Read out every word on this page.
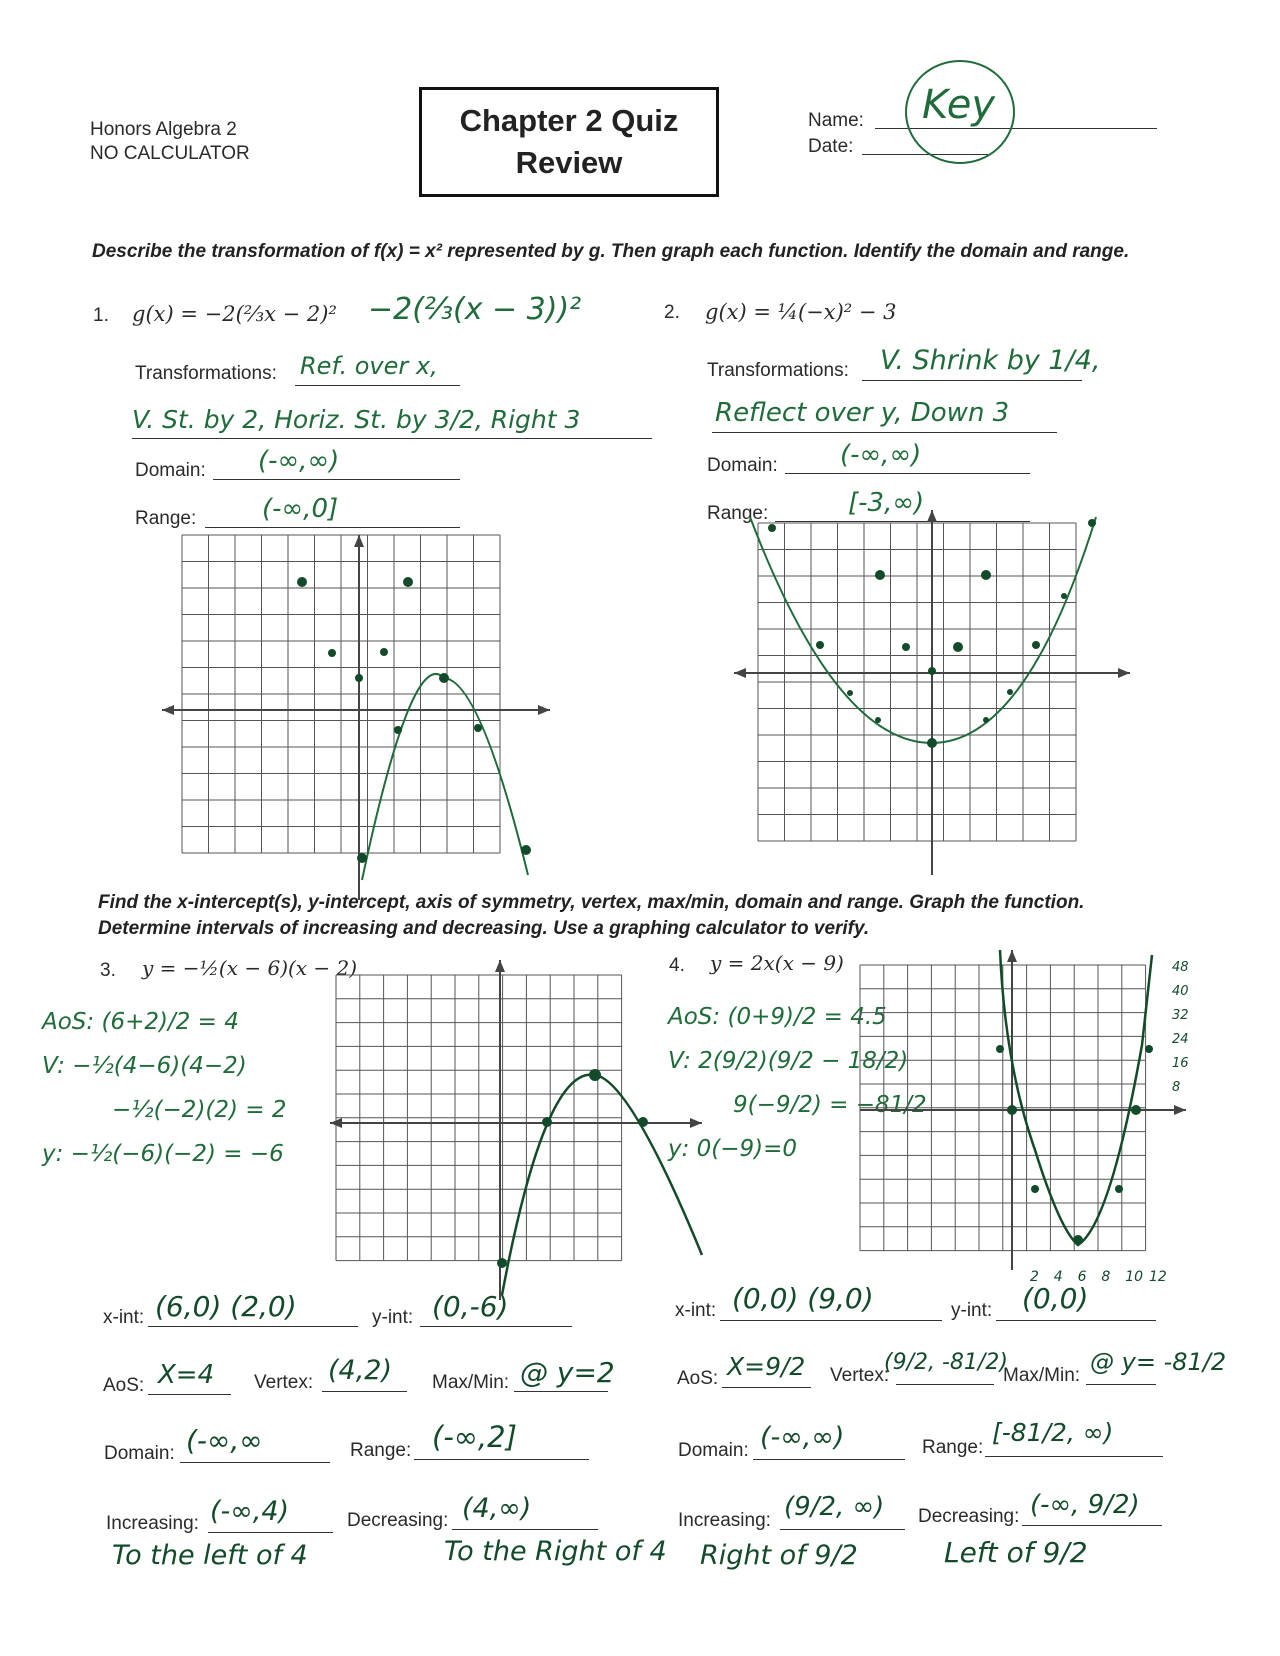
Honors Algebra 2
NO CALCULATOR
Chapter 2 Quiz
Review
Name:
Date:
Key
Describe the transformation of f(x) = x² represented by g. Then graph each function. Identify the domain and range.
1. g(x) = −2(⅔x − 2)² −2(⅔(x − 3))²
Transformations: Ref. over x,
V. St. by 2, Horiz. St. by 3/2, Right 3
Domain: (-∞,∞)
Range:	(-∞,0]
2. g(x) = ¼(−x)² − 3
Transformations: V. Shrink by 1/4,
Reflect over y, Down 3
Domain: (-∞,∞)
Range:	[-3,∞)
Find the x-intercept(s), y-intercept, axis of symmetry, vertex, max/min, domain and range. Graph the function. Determine intervals of increasing and decreasing. Use a graphing calculator to verify.
3. y = −½(x − 6)(x − 2)
AoS: (6+2)/2 = 4
V: −½(4−6)(4−2)
−½(−2)(2) = 2
y: −½(−6)(−2) = −6
4. y = 2x(x − 9)
AoS: (0+9)/2 = 4.5
V: 2(9/2)(9/2 − 18/2)
9(−9/2) = −81/2
y: 0(−9)=0
2 4 6 8 10 12
48
40
32
24
16
8
x-int: (6,0) (2,0)	y-int: (0,-6)
AoS: X=4 Vertex: (4,2) Max/Min: @ y=2
Domain: (-∞,∞	Range: (-∞,2]
Increasing: (-∞,4)	Decreasing: (4,∞)
To the left of 4	To the Right of 4
x-int: (0,0) (9,0)	y-int: (0,0)
AoS: X=9/2 Vertex:
(9/2, -81/2)
Max/Min: @ y= -81/2
Domain: (-∞,∞)	Range:
[-81/2, ∞)
Increasing: (9/2, ∞) Decreasing: (-∞, 9/2)
Right of 9/2	Left of 9/2
